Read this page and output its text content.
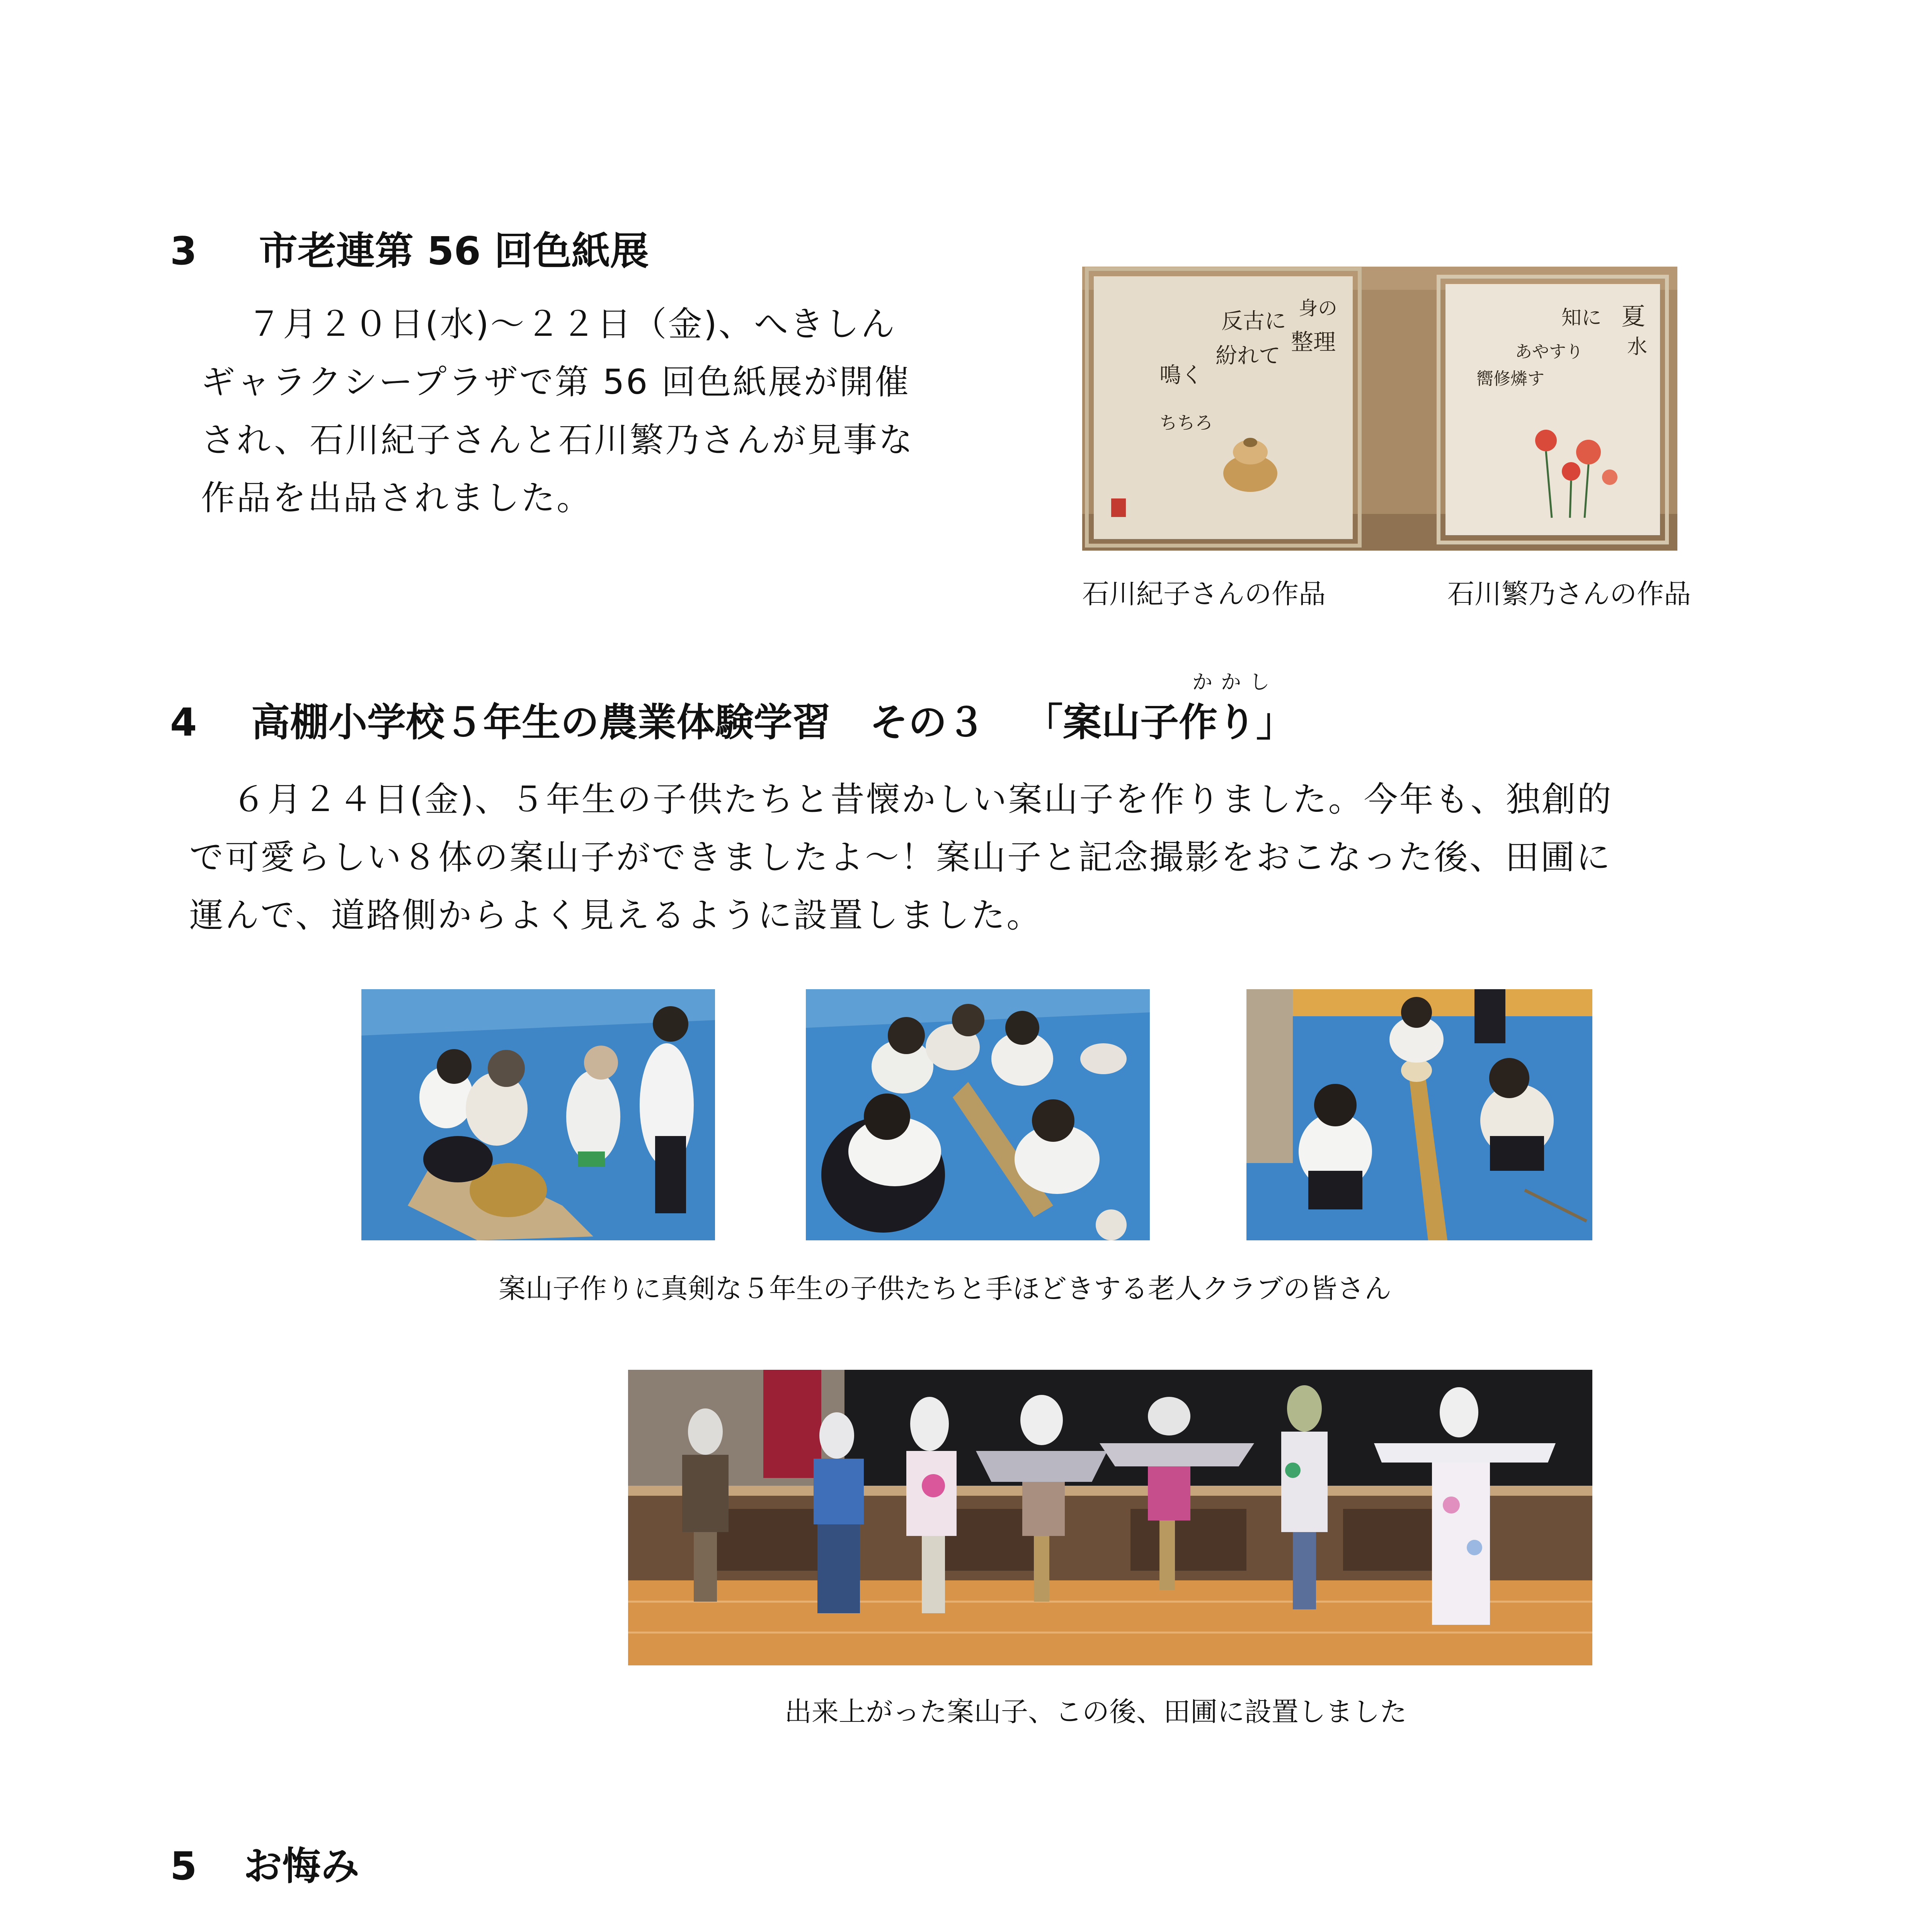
3 市老連第 56 回色紙展
７月２０日(水)～２２日（金)、へきしん
ギャラクシープラザで第 56 回色紙展が開催
され、石川紀子さんと石川繁乃さんが見事な
作品を出品されました。
身の
整理
反古に
紛れて
鳴く
ちちろ
夏
水
知に
あやすり
嚮修燐す
石川紀子さんの作品	石川繁乃さんの作品
かかし
4 高棚小学校５年生の農業体験学習　その３ 「案山子作り」
６月２４日(金)、５年生の子供たちと昔懐かしい案山子を作りました。今年も、独創的
で可愛らしい８体の案山子ができましたよ～！案山子と記念撮影をおこなった後、田圃に
運んで、道路側からよく見えるように設置しました。
案山子作りに真剣な５年生の子供たちと手ほどきする老人クラブの皆さん
出来上がった案山子、この後、田圃に設置しました
5 お悔み
